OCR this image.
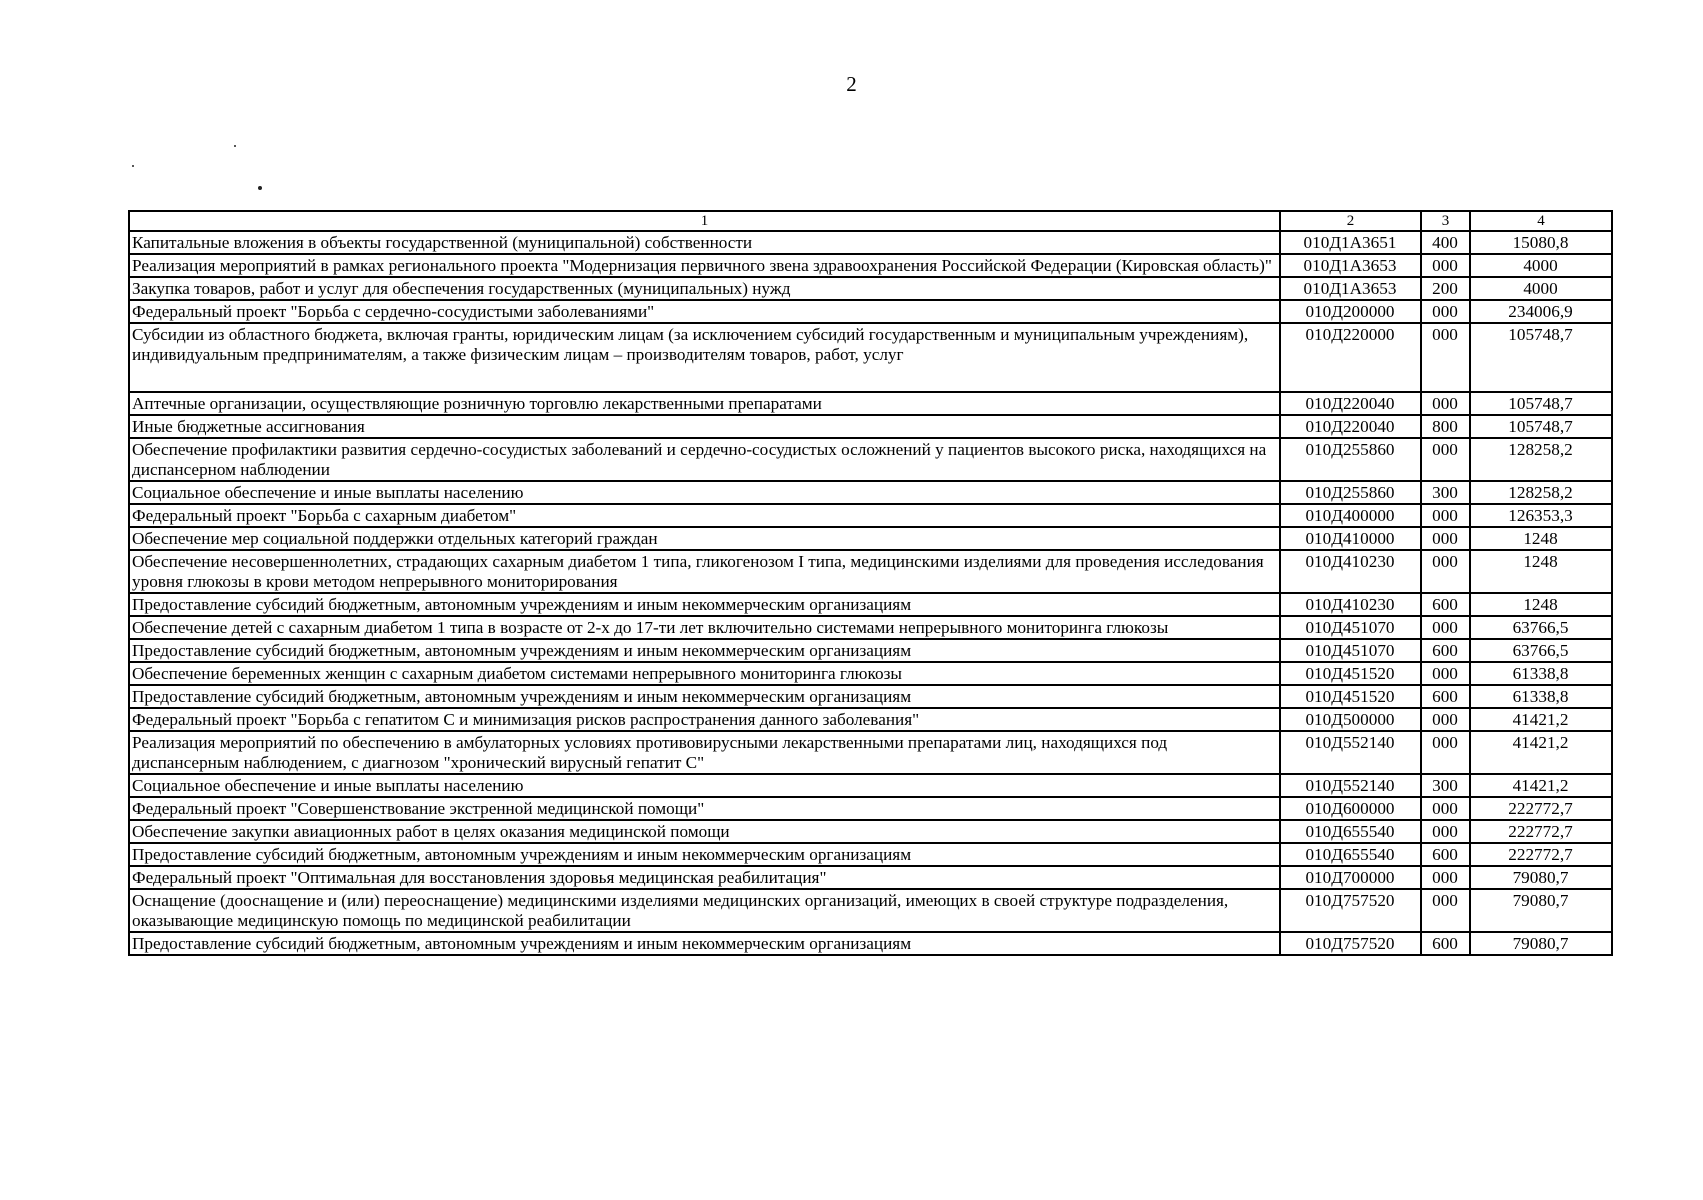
2
1	2	3	4
Капитальные вложения в объекты государственной (муниципальной) собственности	010Д1А3651	400	15080,8
Реализация мероприятий в рамках регионального проекта "Модернизация первичного звена здравоохранения Российской Федерации (Кировская область)"	010Д1А3653	000	4000
Закупка товаров, работ и услуг для обеспечения государственных (муниципальных) нужд	010Д1А3653	200	4000
Федеральный проект "Борьба с сердечно-сосудистыми заболеваниями"	010Д200000	000	234006,9
Субсидии из областного бюджета, включая гранты, юридическим лицам (за исключением субсидий государственным и муниципальным учреждениям), индивидуальным предпринимателям, а также физическим лицам – производителям товаров, работ, услуг	010Д220000	000	105748,7
Аптечные организации, осуществляющие розничную торговлю лекарственными препаратами	010Д220040	000	105748,7
Иные бюджетные ассигнования	010Д220040	800	105748,7
Обеспечение профилактики развития сердечно-сосудистых заболеваний и сердечно-сосудистых осложнений у пациентов высокого риска, находящихся на диспансерном наблюдении	010Д255860	000	128258,2
Социальное обеспечение и иные выплаты населению	010Д255860	300	128258,2
Федеральный проект "Борьба с сахарным диабетом"	010Д400000	000	126353,3
Обеспечение мер социальной поддержки отдельных категорий граждан	010Д410000	000	1248
Обеспечение несовершеннолетних, страдающих сахарным диабетом 1 типа, гликогенозом I типа, медицинскими изделиями для проведения исследования уровня глюкозы в крови методом непрерывного мониторирования	010Д410230	000	1248
Предоставление субсидий бюджетным, автономным учреждениям и иным некоммерческим организациям	010Д410230	600	1248
Обеспечение детей с сахарным диабетом 1 типа в возрасте от 2-х до 17-ти лет включительно системами непрерывного мониторинга глюкозы	010Д451070	000	63766,5
Предоставление субсидий бюджетным, автономным учреждениям и иным некоммерческим организациям	010Д451070	600	63766,5
Обеспечение беременных женщин с сахарным диабетом системами непрерывного мониторинга глюкозы	010Д451520	000	61338,8
Предоставление субсидий бюджетным, автономным учреждениям и иным некоммерческим организациям	010Д451520	600	61338,8
Федеральный проект "Борьба с гепатитом С и минимизация рисков распространения данного заболевания"	010Д500000	000	41421,2
Реализация мероприятий по обеспечению в амбулаторных условиях противовирусными лекарственными препаратами лиц, находящихся под диспансерным наблюдением, с диагнозом "хронический вирусный гепатит С"	010Д552140	000	41421,2
Социальное обеспечение и иные выплаты населению	010Д552140	300	41421,2
Федеральный проект "Совершенствование экстренной медицинской помощи"	010Д600000	000	222772,7
Обеспечение закупки авиационных работ в целях оказания медицинской помощи	010Д655540	000	222772,7
Предоставление субсидий бюджетным, автономным учреждениям и иным некоммерческим организациям	010Д655540	600	222772,7
Федеральный проект "Оптимальная для восстановления здоровья медицинская реабилитация"	010Д700000	000	79080,7
Оснащение (дооснащение и (или) переоснащение) медицинскими изделиями медицинских организаций, имеющих в своей структуре подразделения, оказывающие медицинскую помощь по медицинской реабилитации	010Д757520	000	79080,7
Предоставление субсидий бюджетным, автономным учреждениям и иным некоммерческим организациям	010Д757520	600	79080,7
